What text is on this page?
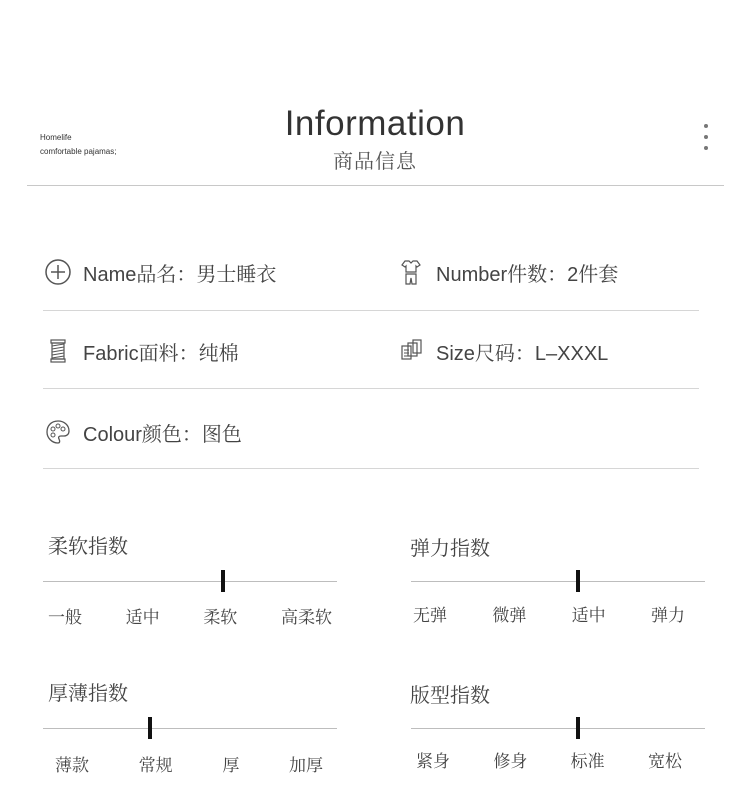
Homelife
comfortable pajamas;
Information
商品信息
Name品名：男士睡衣	Number件数：2件套
Fabric面料：纯棉	Size尺码：L–XXXL
Colour颜色：图色
柔软指数
一般	适中	柔软	高柔软
弹力指数
无弹	微弹	适中	弹力
厚薄指数
薄款	常规	厚	加厚
版型指数
紧身	修身	标准	宽松
